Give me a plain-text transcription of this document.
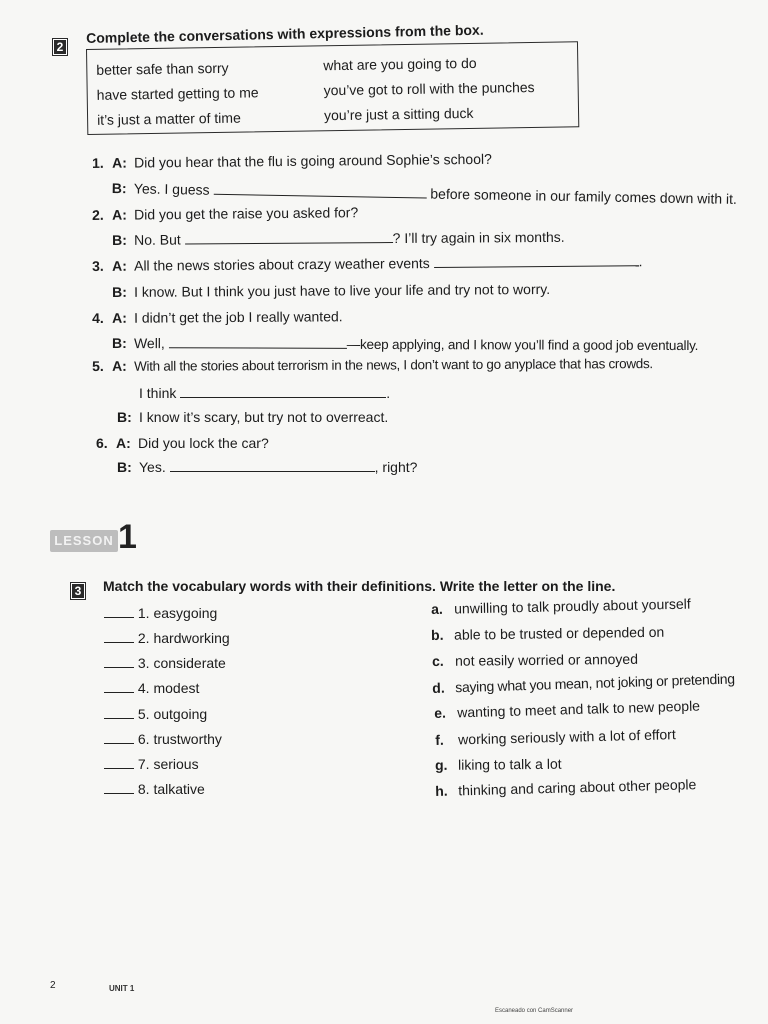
2
Complete the conversations with expressions from the box.
better safe than sorry
have started getting to me
it’s just a matter of time
what are you going to do
you’ve got to roll with the punches
you’re just a sitting duck
1. A: Did you hear that the flu is going around Sophie’s school?
B: Yes. I guess	before someone in our family comes down with it.
2. A: Did you get the raise you asked for?
B: No. But	? I’ll try again in six months.
3. A: All the news stories about crazy weather events	.
B: I know. But I think you just have to live your life and try not to worry.
4. A: I didn’t get the job I really wanted.
B: Well,	—keep applying, and I know you’ll find a good job eventually.
5. A: With all the stories about terrorism in the news, I don’t want to go anyplace that has crowds.
I think	.
B: I know it’s scary, but try not to overreact.
6. A: Did you lock the car?
B: Yes.	, right?
LESSON 1
3	Match the vocabulary words with their definitions. Write the letter on the line.
1. easygoing
2. hardworking
3. considerate
4. modest
5. outgoing
6. trustworthy
7. serious
8. talkative
a. unwilling to talk proudly about yourself
b. able to be trusted or depended on
c. not easily worried or annoyed
d. saying what you mean, not joking or pretending
e. wanting to meet and talk to new people
f. working seriously with a lot of effort
g. liking to talk a lot
h. thinking and caring about other people
2	UNIT 1
Escaneado con CamScanner
